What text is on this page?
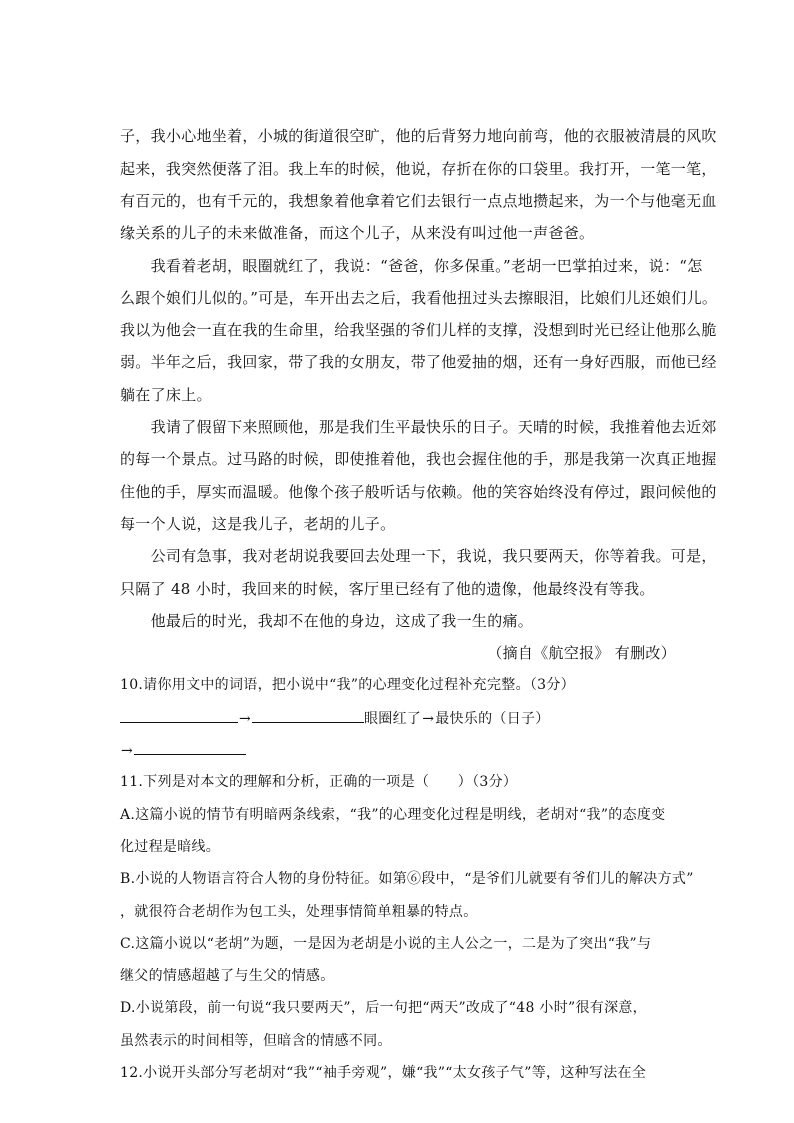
子，我小心地坐着，小城的街道很空旷，他的后背努力地向前弯，他的衣服被清晨的风吹
起来，我突然便落了泪。我上车的时候，他说，存折在你的口袋里。我打开，一笔一笔，
有百元的，也有千元的，我想象着他拿着它们去银行一点点地攒起来，为一个与他毫无血
缘关系的儿子的未来做准备，而这个儿子，从来没有叫过他一声爸爸。
　　我看着老胡，眼圈就红了，我说：“爸爸，你多保重。”老胡一巴掌拍过来，说：“怎
么跟个娘们儿似的。”可是，车开出去之后，我看他扭过头去擦眼泪，比娘们儿还娘们儿。
我以为他会一直在我的生命里，给我坚强的爷们儿样的支撑，没想到时光已经让他那么脆
弱。半年之后，我回家，带了我的女朋友，带了他爱抽的烟，还有一身好西服，而他已经
躺在了床上。
　　我请了假留下来照顾他，那是我们生平最快乐的日子。天晴的时候，我推着他去近郊
的每一个景点。过马路的时候，即使推着他，我也会握住他的手，那是我第一次真正地握
住他的手，厚实而温暖。他像个孩子般听话与依赖。他的笑容始终没有停过，跟问候他的
每一个人说，这是我儿子，老胡的儿子。
　　公司有急事，我对老胡说我要回去处理一下，我说，我只要两天，你等着我。可是，
只隔了 48 小时，我回来的时候，客厅里已经有了他的遗像，他最终没有等我。
　　他最后的时光，我却不在他的身边，这成了我一生的痛。
（摘自《航空报》 有删改）
10.请你用文中的词语，把小说中“我”的心理变化过程补充完整。（3分）
→	眼圈红了→最快乐的（日子）
→
11.下列是对本文的理解和分析，正确的一项是（　　）（3分）
A.这篇小说的情节有明暗两条线索，“我”的心理变化过程是明线，老胡对“我”的态度变
化过程是暗线。
B.小说的人物语言符合人物的身份特征。如第⑥段中，“是爷们儿就要有爷们儿的解决方式”
，就很符合老胡作为包工头，处理事情简单粗暴的特点。
C.这篇小说以“老胡”为题，一是因为老胡是小说的主人公之一，二是为了突出“我”与
继父的情感超越了与生父的情感。
D.小说第段，前一句说“我只要两天”，后一句把“两天”改成了“48 小时”很有深意，
虽然表示的时间相等，但暗含的情感不同。
12.小说开头部分写老胡对“我”“袖手旁观”，嫌“我”“太女孩子气”等，这种写法在全
